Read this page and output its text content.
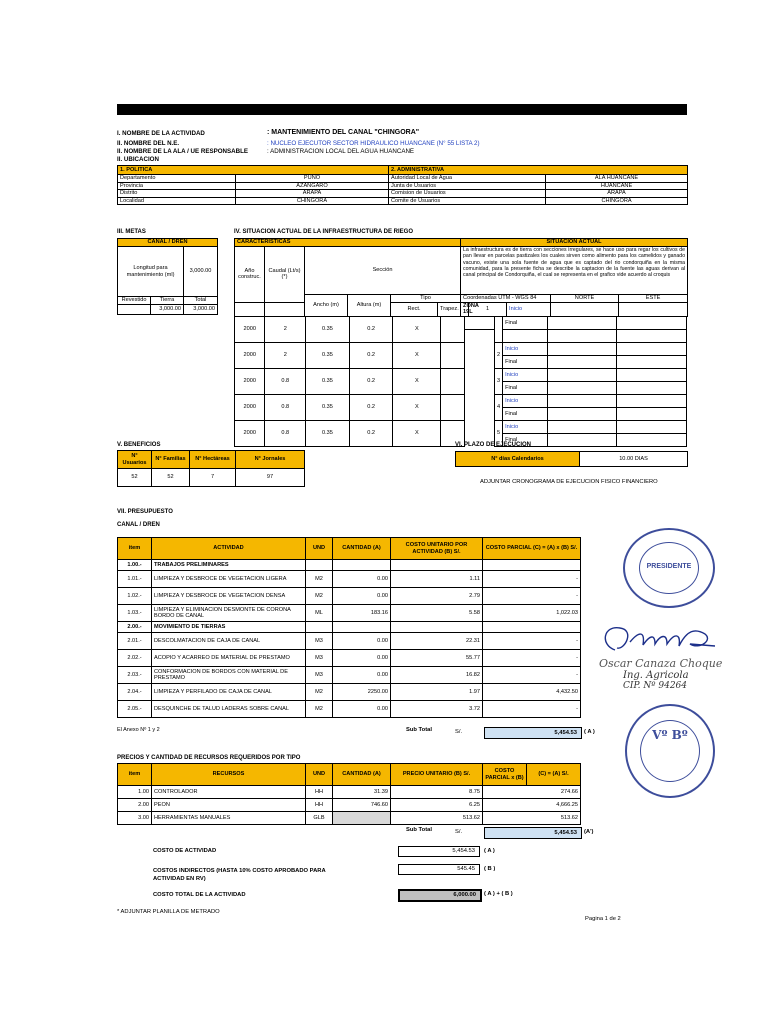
I. NOMBRE DE LA ACTIVIDAD	: MANTENIMIENTO DEL CANAL "CHINGORA"
II. NOMBRE DEL N.E.	: NUCLEO EJECUTOR SECTOR HIDRAULICO HUANCANE (N° 55 LISTA 2)
II. NOMBRE DE LA ALA / UE RESPONSABLE	: ADMINISTRACION LOCAL DEL AGUA HUANCANE
II. UBICACION
1. POLITICA		2. ADMINISTRATIVA	
Departamento	PUNO	Autoridad Local de Agua	ALA HUANCANE
Provincia	AZANGARO	Junta de Usuarios	HUANCANE
Distrito	ARAPA	Comision de Usuarios	ARAPA
Localidad	CHINGORA	Comite de Usuarios	CHINGORA
III. METAS
CANAL / DREN		
Longitud para mantenimiento (ml)		3,000.00
Revestido	Tierra	Total
	3,000.00	3,000.00
IV. SITUACION ACTUAL DE LA INFRAESTRUCTURA DE RIEGO
CARACTERISTICAS						SITUACION ACTUAL				
Año construc.	Caudal (Lt/s) (*)	Sección				La infraestructura es de tierra con secciones irregulares, se hace uso para regar los cultivos de pan llevar en parcelas pastizales los cuales sirven como alimento para los camelidos y ganado vacuno, existe una sola fuente de agua que es captado del rio condorquiña en la misma comunidad, para la presente ficha se describe la captacion de la fuente las aguas derivan al canal principal de Condorquiña, el cual se representa en el grafico vide acuerdo al croquis				
		Ancho (m)	Altura (m)	Tipo		Coordenadas UTM - WGS 84			NORTE	ESTE
				Rect.	Trapez.	ZONA 19L	1	Inicio		
2000	2	0.35	0.2	X				Final		

2000	2	0.35	0.2	X			2	Inicio		
								Final		
2000	0.8	0.35	0.2	X			3	Inicio		
								Final		
2000	0.8	0.35	0.2	X			4	Inicio		
								Final		
2000	0.8	0.35	0.2	X			5	Inicio		
								Final		
V. BENEFICIOS
N° Usuarios	N° Familias	N° Hectáreas	N° Jornales
52	52	7	97
VI. PLAZO DE EJECUCION
N° días Calendarios	10.00 DIAS
ADJUNTAR CRONOGRAMA DE EJECUCION FISICO FINANCIERO
VII. PRESUPUESTO
CANAL / DREN
item	ACTIVIDAD	UND	CANTIDAD (A)	COSTO UNITARIO POR ACTIVIDAD (B) S/.	COSTO PARCIAL (C) = (A) x (B) S/.
1.00.-	TRABAJOS PRELIMINARES				
1.01.-	LIMPIEZA Y DESBROCE DE VEGETACION LIGERA	M2	0.00	1.11	-
1.02.-	LIMPIEZA Y DESBROCE DE VEGETACION DENSA	M2	0.00	2.79	-
1.03.-	LIMPIEZA Y ELIMINACION DESMONTE DE CORONA BORDO DE CANAL	ML	183.16	5.58	1,022.03
2.00.-	MOVIMIENTO DE TIERRAS				
2.01.-	DESCOLMATACION DE CAJA DE CANAL	M3	0.00	22.31	-
2.02.-	ACOPIO Y ACARREO DE MATERIAL DE PRESTAMO	M3	0.00	55.77	-
2.03.-	CONFORMACION DE BORDOS CON MATERIAL DE PRESTAMO	M3	0.00	16.82	-
2.04.-	LIMPIEZA Y PERFILADO DE CAJA DE CANAL	M2	2250.00	1.97	4,432.50
2.05.-	DESQUINCHE DE TALUD LADERAS SOBRE CANAL	M2	0.00	3.72	-
El Anexo Nº 1 y 2	Sub Total	S/.	5,454.53	( A )
PRECIOS Y CANTIDAD DE RECURSOS REQUERIDOS POR TIPO
item	RECURSOS	UND	CANTIDAD (A)	PRECIO UNITARIO (B) S/.	COSTO PARCIAL x (B)	(C) = (A) S/.
1.00	CONTROLADOR	HH	31.39	8.75	274.66	
2.00	PEON	HH	746.60	6.25	4,666.25	
3.00	HERRAMIENTAS MANUALES	GLB		513.62	513.62	
Sub Total	S/.	5,454.53	(A')
COSTO DE ACTIVIDAD	5,454.53	( A )
COSTOS INDIRECTOS (HASTA 10% COSTO APROBADO PARA ACTIVIDAD EN RV)
545.45	( B )
COSTO TOTAL DE LA ACTIVIDAD	6,000.00	( A ) + ( B )
* ADJUNTAR PLANILLA DE METRADO
Pagina 1 de 2
PRESIDENTE
Oscar Canaza Choque
Ing. Agricola
CIP. Nº 94264
Vº Bº
